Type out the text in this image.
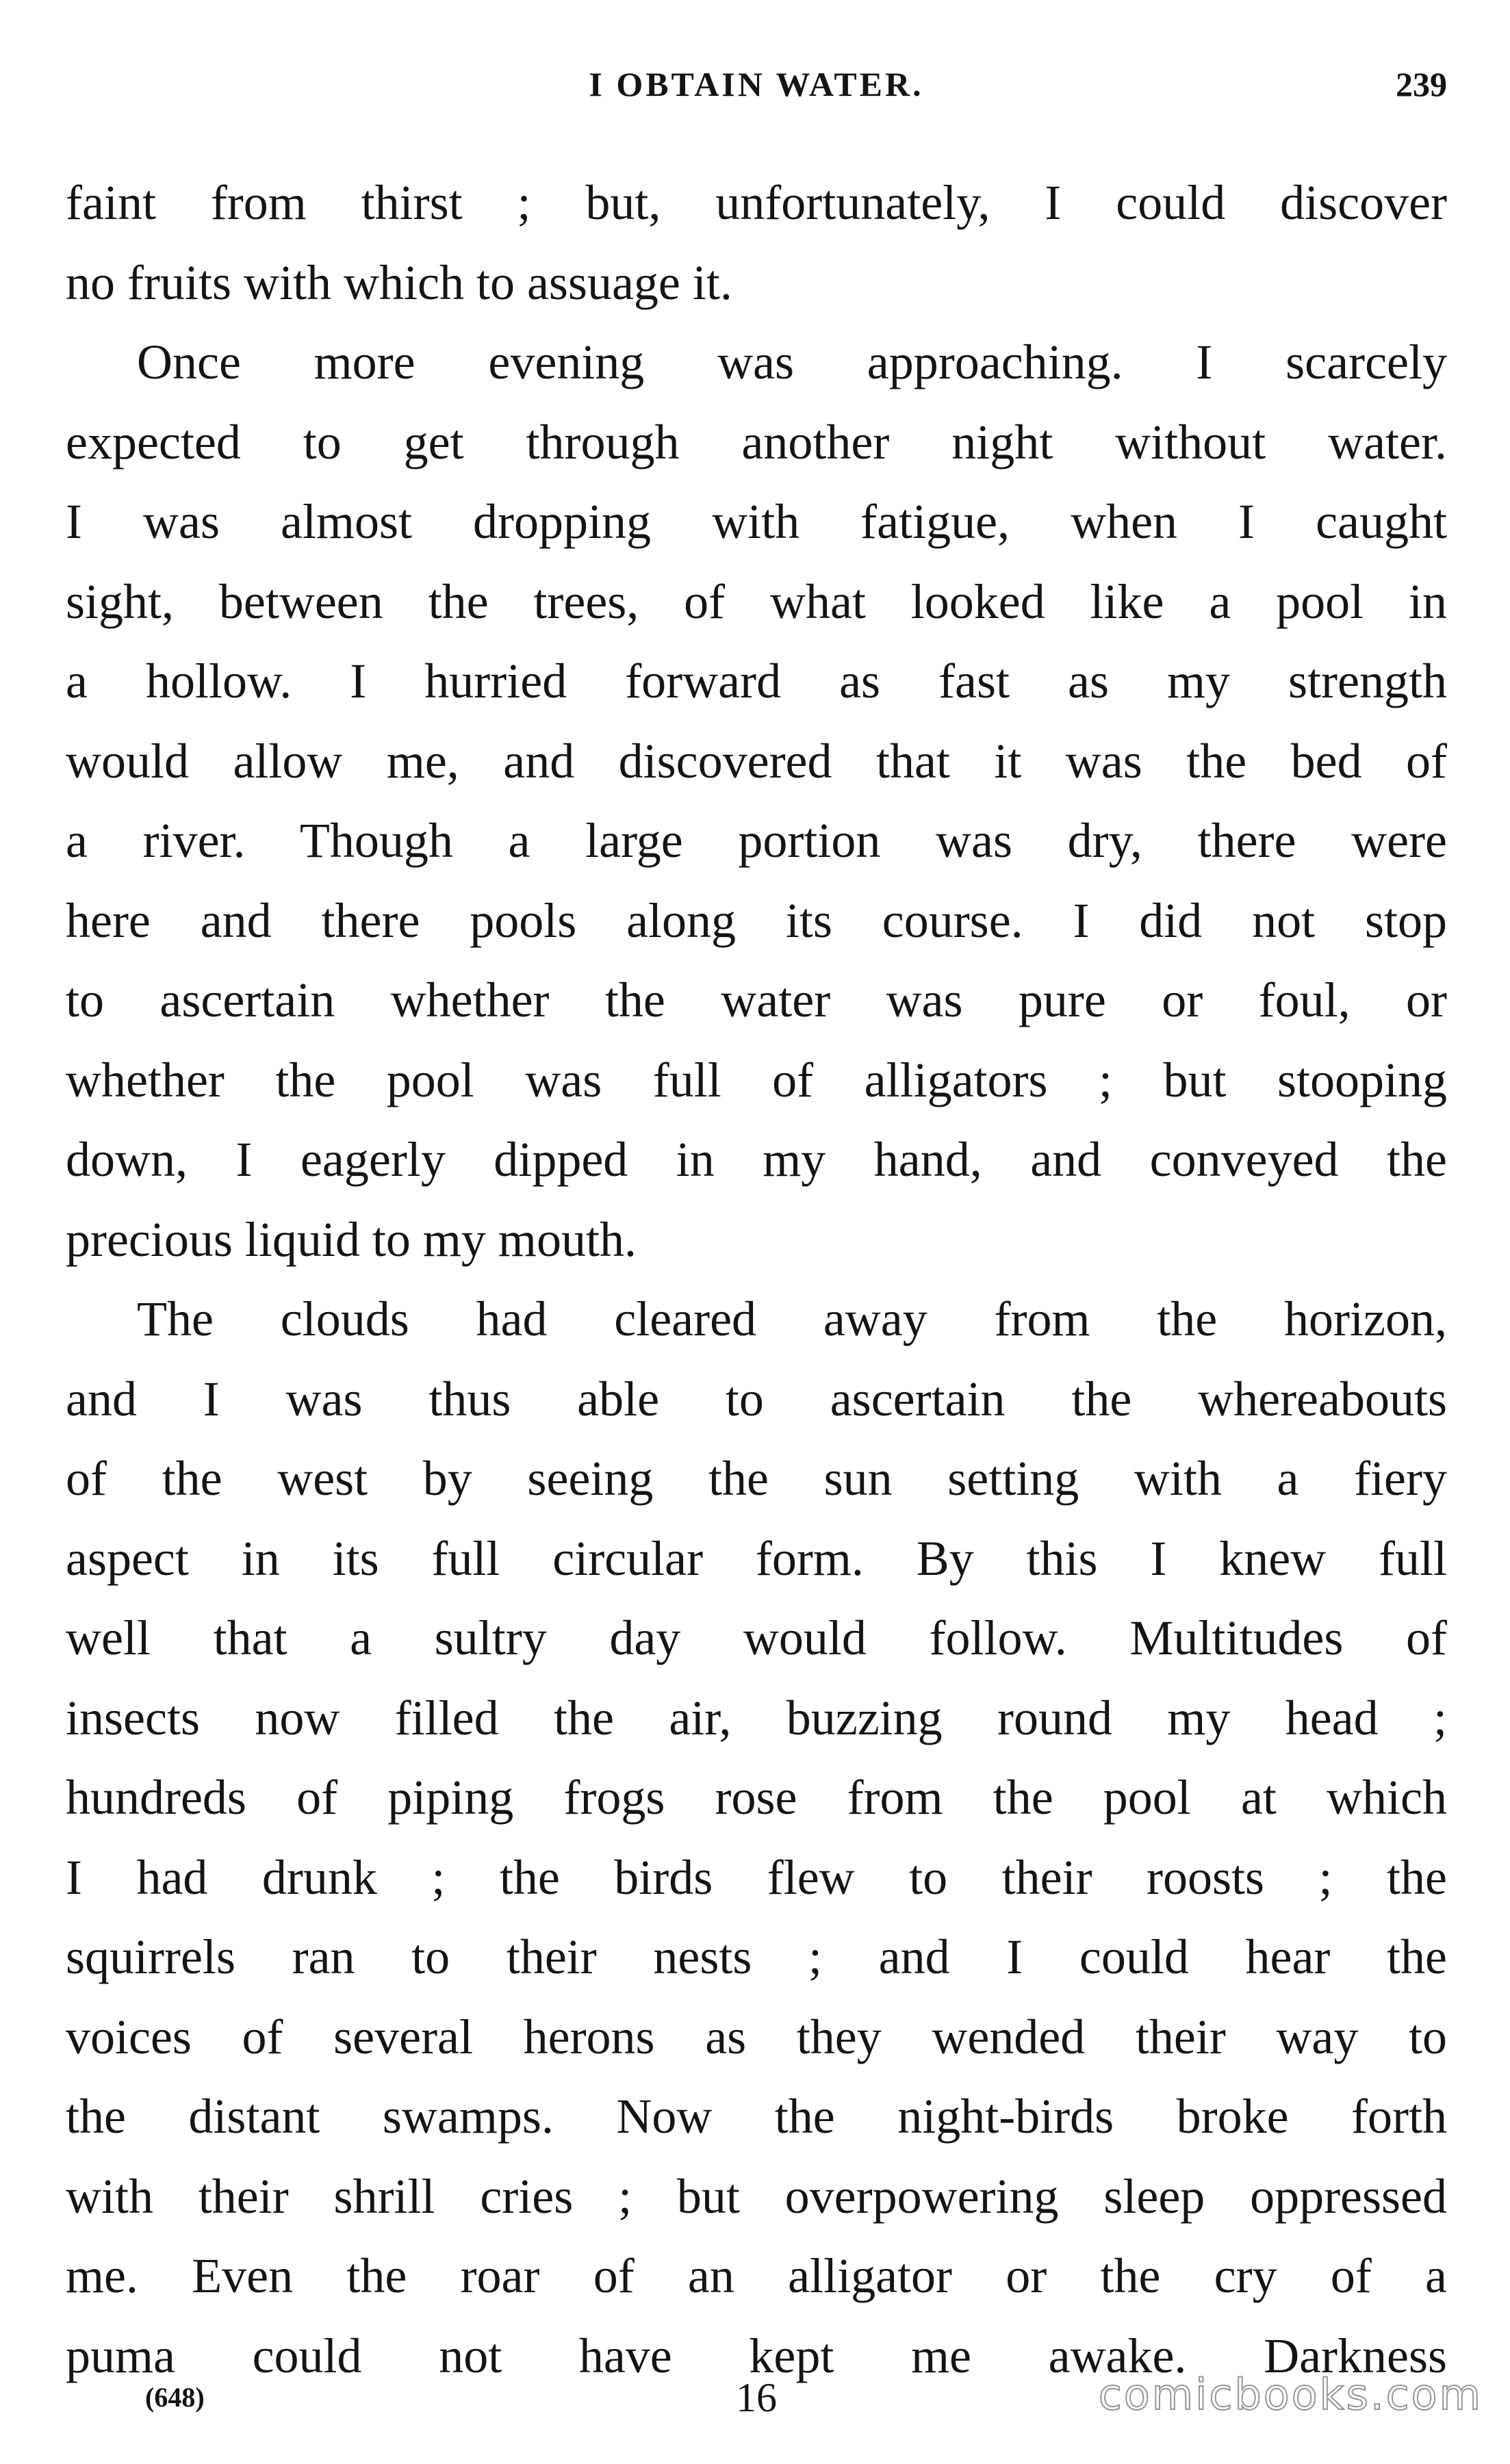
I OBTAIN WATER.	239
faint from thirst ; but, unfortunately, I could discover
no fruits with which to assuage it.
Once more evening was approaching. I scarcely
expected to get through another night without water.
I was almost dropping with fatigue, when I caught
sight, between the trees, of what looked like a pool in
a hollow. I hurried forward as fast as my strength
would allow me, and discovered that it was the bed of
a river. Though a large portion was dry, there were
here and there pools along its course. I did not stop
to ascertain whether the water was pure or foul, or
whether the pool was full of alligators ; but stooping
down, I eagerly dipped in my hand, and conveyed the
precious liquid to my mouth.
The clouds had cleared away from the horizon,
and I was thus able to ascertain the whereabouts
of the west by seeing the sun setting with a fiery
aspect in its full circular form. By this I knew full
well that a sultry day would follow. Multitudes of
insects now filled the air, buzzing round my head ;
hundreds of piping frogs rose from the pool at which
I had drunk ; the birds flew to their roosts ; the
squirrels ran to their nests ; and I could hear the
voices of several herons as they wended their way to
the distant swamps. Now the night-birds broke forth
with their shrill cries ; but overpowering sleep oppressed
me. Even the roar of an alligator or the cry of a
puma could not have kept me awake. Darkness
(648)	16	comicbooks.com
